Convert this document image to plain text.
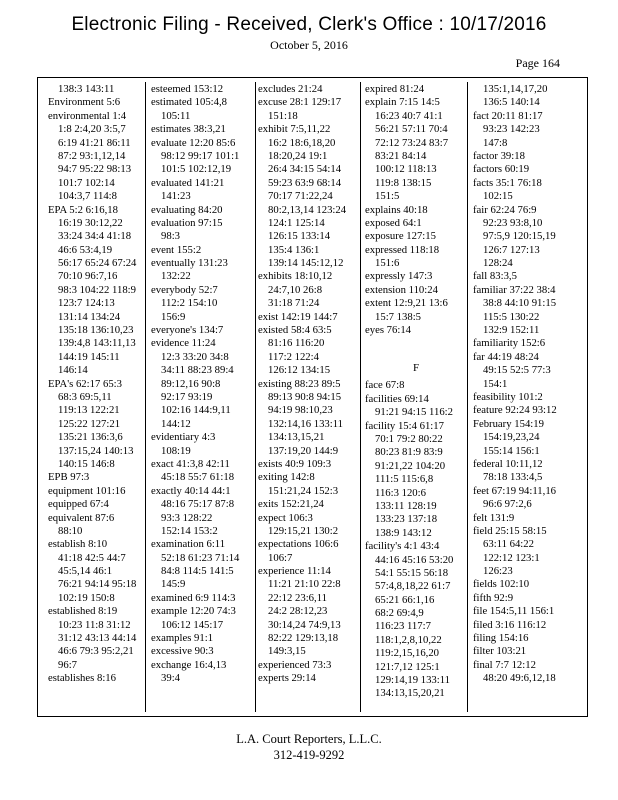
Electronic Filing - Received, Clerk's Office : 10/17/2016
October 5, 2016
Page 164
138:3 143:11
Environment 5:6
environmental 1:4
1:8 2:4,20 3:5,7
6:19 41:21 86:11
87:2 93:1,12,14
94:7 95:22 98:13
101:7 102:14
104:3,7 114:8
EPA 5:2 6:16,18
16:19 30:12,22
33:24 34:4 41:18
46:6 53:4,19
56:17 65:24 67:24
70:10 96:7,16
98:3 104:22 118:9
123:7 124:13
131:14 134:24
135:18 136:10,23
139:4,8 143:11,13
144:19 145:11
146:14
EPA's 62:17 65:3
68:3 69:5,11
119:13 122:21
125:22 127:21
135:21 136:3,6
137:15,24 140:13
140:15 146:8
EPB 97:3
equipment 101:16
equipped 67:4
equivalent 87:6
88:10
establish 8:10
41:18 42:5 44:7
45:5,14 46:1
76:21 94:14 95:18
102:19 150:8
established 8:19
10:23 11:8 31:12
31:12 43:13 44:14
46:6 79:3 95:2,21
96:7
establishes 8:16
esteemed 153:12
estimated 105:4,8
105:11
estimates 38:3,21
evaluate 12:20 85:6
98:12 99:17 101:1
101:5 102:12,19
evaluated 141:21
141:23
evaluating 84:20
evaluation 97:15
98:3
event 155:2
eventually 131:23
132:22
everybody 52:7
112:2 154:10
156:9
everyone's 134:7
evidence 11:24
12:3 33:20 34:8
34:11 88:23 89:4
89:12,16 90:8
92:17 93:19
102:16 144:9,11
144:12
evidentiary 4:3
108:19
exact 41:3,8 42:11
45:18 55:7 61:18
exactly 40:14 44:1
48:16 75:17 87:8
93:3 128:22
152:14 153:2
examination 6:11
52:18 61:23 71:14
84:8 114:5 141:5
145:9
examined 6:9 114:3
example 12:20 74:3
106:12 145:17
examples 91:1
excessive 90:3
exchange 16:4,13
39:4
excludes 21:24
excuse 28:1 129:17
151:18
exhibit 7:5,11,22
16:2 18:6,18,20
18:20,24 19:1
26:4 34:15 54:14
59:23 63:9 68:14
70:17 71:22,24
80:2,13,14 123:24
124:1 125:14
126:15 133:14
135:4 136:1
139:14 145:12,12
exhibits 18:10,12
24:7,10 26:8
31:18 71:24
exist 142:19 144:7
existed 58:4 63:5
81:16 116:20
117:2 122:4
126:12 134:15
existing 88:23 89:5
89:13 90:8 94:15
94:19 98:10,23
132:14,16 133:11
134:13,15,21
137:19,20 144:9
exists 40:9 109:3
exiting 142:8
151:21,24 152:3
exits 152:21,24
expect 106:3
129:15,21 130:2
expectations 106:6
106:7
experience 11:14
11:21 21:10 22:8
22:12 23:6,11
24:2 28:12,23
30:14,24 74:9,13
82:22 129:13,18
149:3,15
experienced 73:3
experts 29:14
expired 81:24
explain 7:15 14:5
16:23 40:7 41:1
56:21 57:11 70:4
72:12 73:24 83:7
83:21 84:14
100:12 118:13
119:8 138:15
151:5
explains 40:18
exposed 64:1
exposure 127:15
expressed 118:18
151:6
expressly 147:3
extension 110:24
extent 12:9,21 13:6
15:7 138:5
eyes 76:14
F
face 67:8
facilities 69:14
91:21 94:15 116:2
facility 15:4 61:17
70:1 79:2 80:22
80:23 81:9 83:9
91:21,22 104:20
111:5 115:6,8
116:3 120:6
133:11 128:19
133:23 137:18
138:9 143:12
facility's 4:1 43:4
44:16 45:16 53:20
54:1 55:15 56:18
57:4,8,18,22 61:7
65:21 66:1,16
68:2 69:4,9
116:23 117:7
118:1,2,8,10,22
119:2,15,16,20
121:7,12 125:1
129:14,19 133:11
134:13,15,20,21
135:1,14,17,20
136:5 140:14
fact 20:11 81:17
93:23 142:23
147:8
factor 39:18
factors 60:19
facts 35:1 76:18
102:15
fair 62:24 76:9
92:23 93:8,10
97:5,9 120:15,19
126:7 127:13
128:24
fall 83:3,5
familiar 37:22 38:4
38:8 44:10 91:15
115:5 130:22
132:9 152:11
familiarity 152:6
far 44:19 48:24
49:15 52:5 77:3
154:1
feasibility 101:2
feature 92:24 93:12
February 154:19
154:19,23,24
155:14 156:1
federal 10:11,12
78:18 133:4,5
feet 67:19 94:11,16
96:6 97:2,6
felt 131:9
field 25:15 58:15
63:11 64:22
122:12 123:1
126:23
fields 102:10
fifth 92:9
file 154:5,11 156:1
filed 3:16 116:12
filing 154:16
filter 103:21
final 7:7 12:12
48:20 49:6,12,18
L.A. Court Reporters, L.L.C.
312-419-9292
